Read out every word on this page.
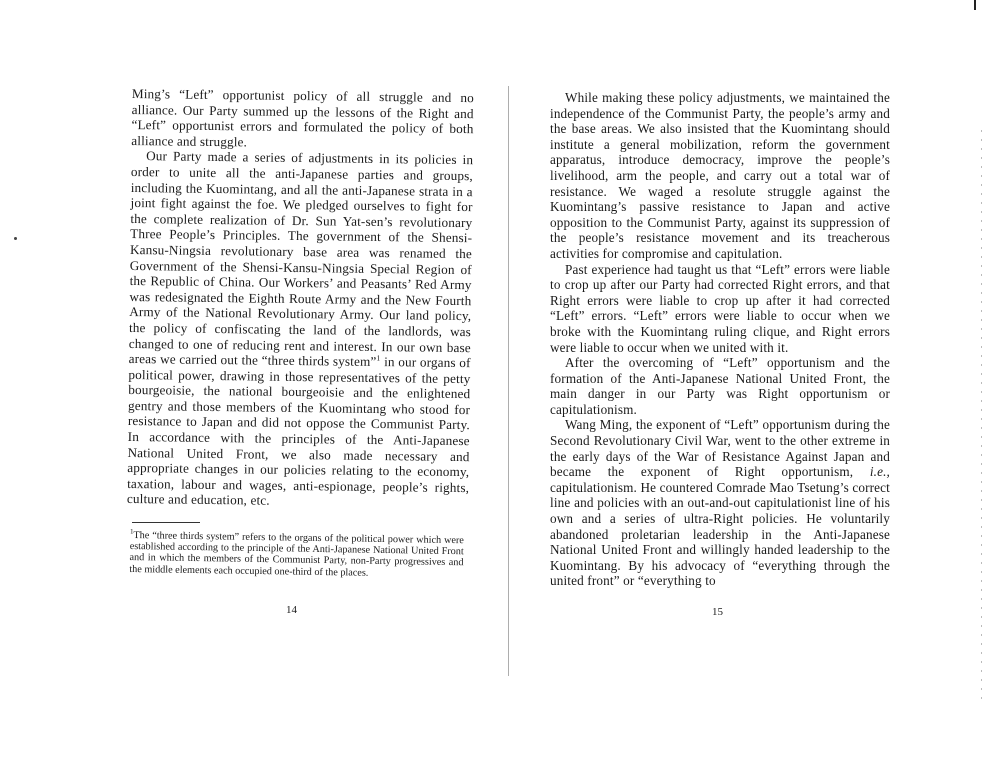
Ming’s “Left” opportunist policy of all struggle and no alliance. Our Party summed up the lessons of the Right and “Left” opportunist errors and formulated the policy of both alliance and struggle.

Our Party made a series of adjustments in its policies in order to unite all the anti-Japanese parties and groups, including the Kuomintang, and all the anti-Japanese strata in a joint fight against the foe. We pledged ourselves to fight for the complete realization of Dr. Sun Yat-sen’s revolutionary Three People’s Principles. The government of the Shensi-Kansu-Ningsia revolutionary base area was renamed the Government of the Shensi-Kansu-Ningsia Special Region of the Republic of China. Our Workers’ and Peasants’ Red Army was redesignated the Eighth Route Army and the New Fourth Army of the National Revolutionary Army. Our land policy, the policy of confiscating the land of the landlords, was changed to one of reducing rent and interest. In our own base areas we carried out the “three thirds system”$^1$ in our organs of political power, drawing in those representatives of the petty bourgeoisie, the national bourgeoisie and the enlightened gentry and those members of the Kuomintang who stood for resistance to Japan and did not oppose the Communist Party. In accordance with the principles of the Anti-Japanese National United Front, we also made necessary and appropriate changes in our policies relating to the economy, taxation, labour and wages, anti-espionage, people’s rights, culture and education, etc.

$^1$The “three thirds system” refers to the organs of the political power which were established according to the principle of the Anti-Japanese National United Front and in which the members of the Communist Party, non-Party progressives and the middle elements each occupied one-third of the places.
14

While making these policy adjustments, we maintained the independence of the Communist Party, the people’s army and the base areas. We also insisted that the Kuomintang should institute a general mobilization, reform the government apparatus, introduce democracy, improve the people’s livelihood, arm the people, and carry out a total war of resistance. We waged a resolute struggle against the Kuomintang’s passive resistance to Japan and active opposition to the Communist Party, against its suppression of the people’s resistance movement and its treacherous activities for compromise and capitulation.

Past experience had taught us that “Left” errors were liable to crop up after our Party had corrected Right errors, and that Right errors were liable to crop up after it had corrected “Left” errors. “Left” errors were liable to occur when we broke with the Kuomintang ruling clique, and Right errors were liable to occur when we united with it.

After the overcoming of “Left” opportunism and the formation of the Anti-Japanese National United Front, the main danger in our Party was Right opportunism or capitulationism.

Wang Ming, the exponent of “Left” opportunism during the Second Revolutionary Civil War, went to the other extreme in the early days of the War of Resistance Against Japan and became the exponent of Right opportunism, i.e., capitulationism. He countered Comrade Mao Tsetung’s correct line and policies with an out-and-out capitulationist line of his own and a series of ultra-Right policies. He voluntarily abandoned proletarian leadership in the Anti-Japanese National United Front and willingly handed leadership to the Kuomintang. By his advocacy of “everything through the united front” or “everything to

15
